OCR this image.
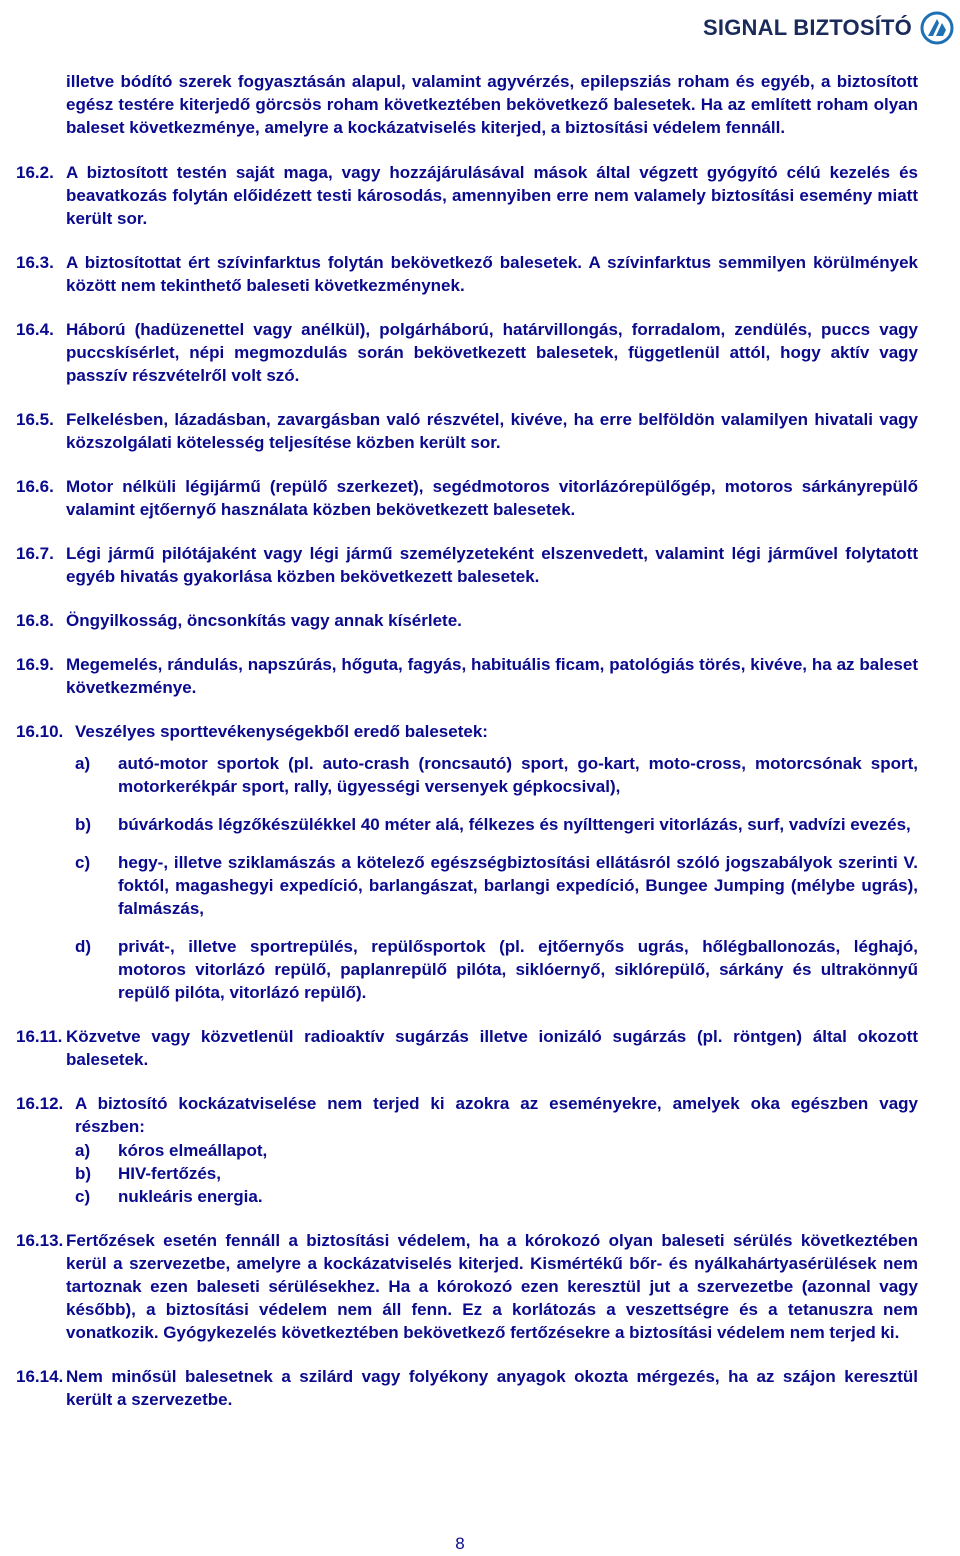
SIGNAL BIZTOSÍTÓ

illetve bódító szerek fogyasztásán alapul, valamint agyvérzés, epilepsziás roham és egyéb, a biztosított egész testére kiterjedő görcsös roham következtében bekövetkező balesetek. Ha az említett roham olyan baleset következménye, amelyre a kockázatviselés kiterjed, a biztosítási védelem fennáll.

16.2. A biztosított testén saját maga, vagy hozzájárulásával mások által végzett gyógyító célú kezelés és beavatkozás folytán előidézett testi károsodás, amennyiben erre nem valamely biztosítási esemény miatt került sor.
16.3. A biztosítottat ért szívinfarktus folytán bekövetkező balesetek. A szívinfarktus semmilyen körülmények között nem tekinthető baleseti következménynek.
16.4. Háború (hadüzenettel vagy anélkül), polgárháború, határvillongás, forradalom, zendülés, puccs vagy puccskísérlet, népi megmozdulás során bekövetkezett balesetek, függetlenül attól, hogy aktív vagy passzív részvételről volt szó.
16.5. Felkelésben, lázadásban, zavargásban való részvétel, kivéve, ha erre belföldön valamilyen hivatali vagy közszolgálati kötelesség teljesítése közben került sor.
16.6. Motor nélküli légijármű (repülő szerkezet), segédmotoros vitorlázórepülőgép, motoros sárkányrepülő valamint ejtőernyő használata közben bekövetkezett balesetek.
16.7. Légi jármű pilótájaként vagy légi jármű személyzeteként elszenvedett, valamint légi járművel folytatott egyéb hivatás gyakorlása közben bekövetkezett balesetek.
16.8. Öngyilkosság, öncsonkítás vagy annak kísérlete.
16.9. Megemelés, rándulás, napszúrás, hőguta, fagyás, habituális ficam, patológiás törés, kivéve, ha az baleset következménye.
16.10. Veszélyes sporttevékenységekből eredő balesetek:
a)	autó-motor sportok (pl. auto-crash (roncsautó) sport, go-kart, moto-cross, motorcsónak sport, motorkerékpár sport, rally, ügyességi versenyek gépkocsival),
b)	búvárkodás légzőkészülékkel 40 méter alá, félkezes és nyílttengeri vitorlázás, surf, vadvízi evezés,
c)	hegy-, illetve sziklamászás a kötelező egészségbiztosítási ellátásról szóló jogszabályok szerinti V. foktól, magashegyi expedíció, barlangászat, barlangi expedíció, Bungee Jumping (mélybe ugrás), falmászás,
d)	privát-, illetve sportrepülés, repülősportok (pl. ejtőernyős ugrás, hőlégballonozás, léghajó, motoros vitorlázó repülő, paplanrepülő pilóta, siklóernyő, siklórepülő, sárkány és ultrakönnyű repülő pilóta, vitorlázó repülő).
16.11. Közvetve vagy közvetlenül radioaktív sugárzás illetve ionizáló sugárzás (pl. röntgen) által okozott balesetek.
16.12. A biztosító kockázatviselése nem terjed ki azokra az eseményekre, amelyek oka egészben vagy részben:
a)	kóros elmeállapot,
b)	HIV-fertőzés,
c)	nukleáris energia.
16.13. Fertőzések esetén fennáll a biztosítási védelem, ha a kórokozó olyan baleseti sérülés következtében kerül a szervezetbe, amelyre a kockázatviselés kiterjed. Kismértékű bőr- és nyálkahártyasérülések nem tartoznak ezen baleseti sérülésekhez. Ha a kórokozó ezen keresztül jut a szervezetbe (azonnal vagy később), a biztosítási védelem nem áll fenn. Ez a korlátozás a veszettségre és a tetanuszra nem vonatkozik. Gyógykezelés következtében bekövetkező fertőzésekre a biztosítási védelem nem terjed ki.
16.14. Nem minősül balesetnek a szilárd vagy folyékony anyagok okozta mérgezés, ha az szájon keresztül került a szervezetbe.
8
